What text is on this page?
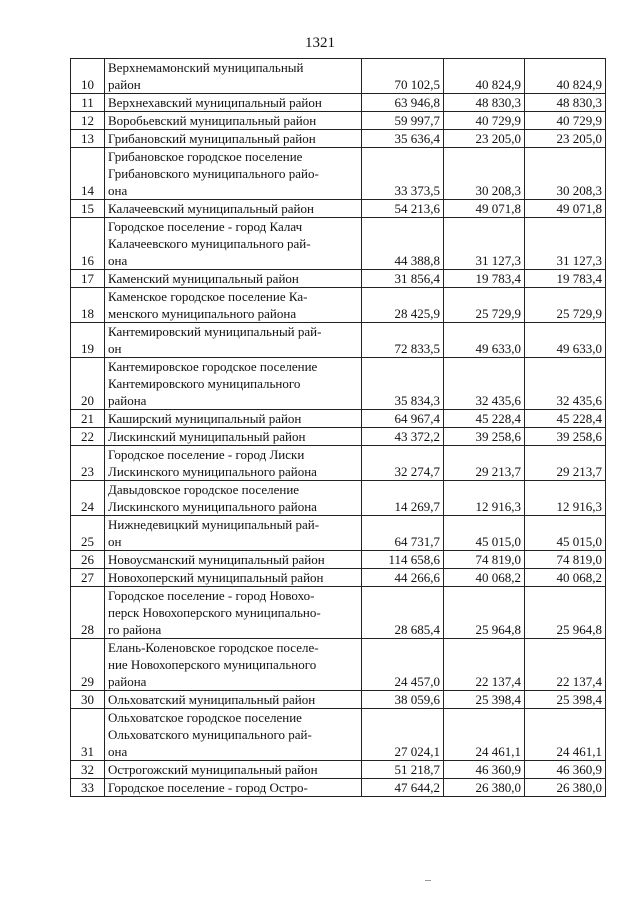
1321
10	Верхнемамонский муниципальный
район	70 102,5	40 824,9	40 824,9
11	Верхнехавский муниципальный район	63 946,8	48 830,3	48 830,3
12	Воробьевский муниципальный район	59 997,7	40 729,9	40 729,9
13	Грибановский муниципальный район	35 636,4	23 205,0	23 205,0
14	Грибановское городское поселение
Грибановского муниципального райо-
она	33 373,5	30 208,3	30 208,3
15	Калачеевский муниципальный район	54 213,6	49 071,8	49 071,8
16	Городское поселение - город Калач
Калачеевского муниципального рай-
она	44 388,8	31 127,3	31 127,3
17	Каменский муниципальный район	31 856,4	19 783,4	19 783,4
18	Каменское городское поселение Ка-
менского муниципального района	28 425,9	25 729,9	25 729,9
19	Кантемировский муниципальный рай-
он	72 833,5	49 633,0	49 633,0
20	Кантемировское городское поселение
Кантемировского муниципального
района	35 834,3	32 435,6	32 435,6
21	Каширский муниципальный район	64 967,4	45 228,4	45 228,4
22	Лискинский муниципальный район	43 372,2	39 258,6	39 258,6
23	Городское поселение - город Лиски
Лискинского муниципального района	32 274,7	29 213,7	29 213,7
24	Давыдовское городское поселение
Лискинского муниципального района	14 269,7	12 916,3	12 916,3
25	Нижнедевицкий муниципальный рай-
он	64 731,7	45 015,0	45 015,0
26	Новоусманский муниципальный район	114 658,6	74 819,0	74 819,0
27	Новохоперский муниципальный район	44 266,6	40 068,2	40 068,2
28	Городское поселение - город Новохо-
перск Новохоперского муниципально-
го района	28 685,4	25 964,8	25 964,8
29	Елань-Коленовское городское поселе-
ние Новохоперского муниципального
района	24 457,0	22 137,4	22 137,4
30	Ольховатский муниципальный район	38 059,6	25 398,4	25 398,4
31	Ольховатское городское поселение
Ольховатского муниципального рай-
она	27 024,1	24 461,1	24 461,1
32	Острогожский муниципальный район	51 218,7	46 360,9	46 360,9
33	Городское поселение - город Остро-	47 644,2	26 380,0	26 380,0
